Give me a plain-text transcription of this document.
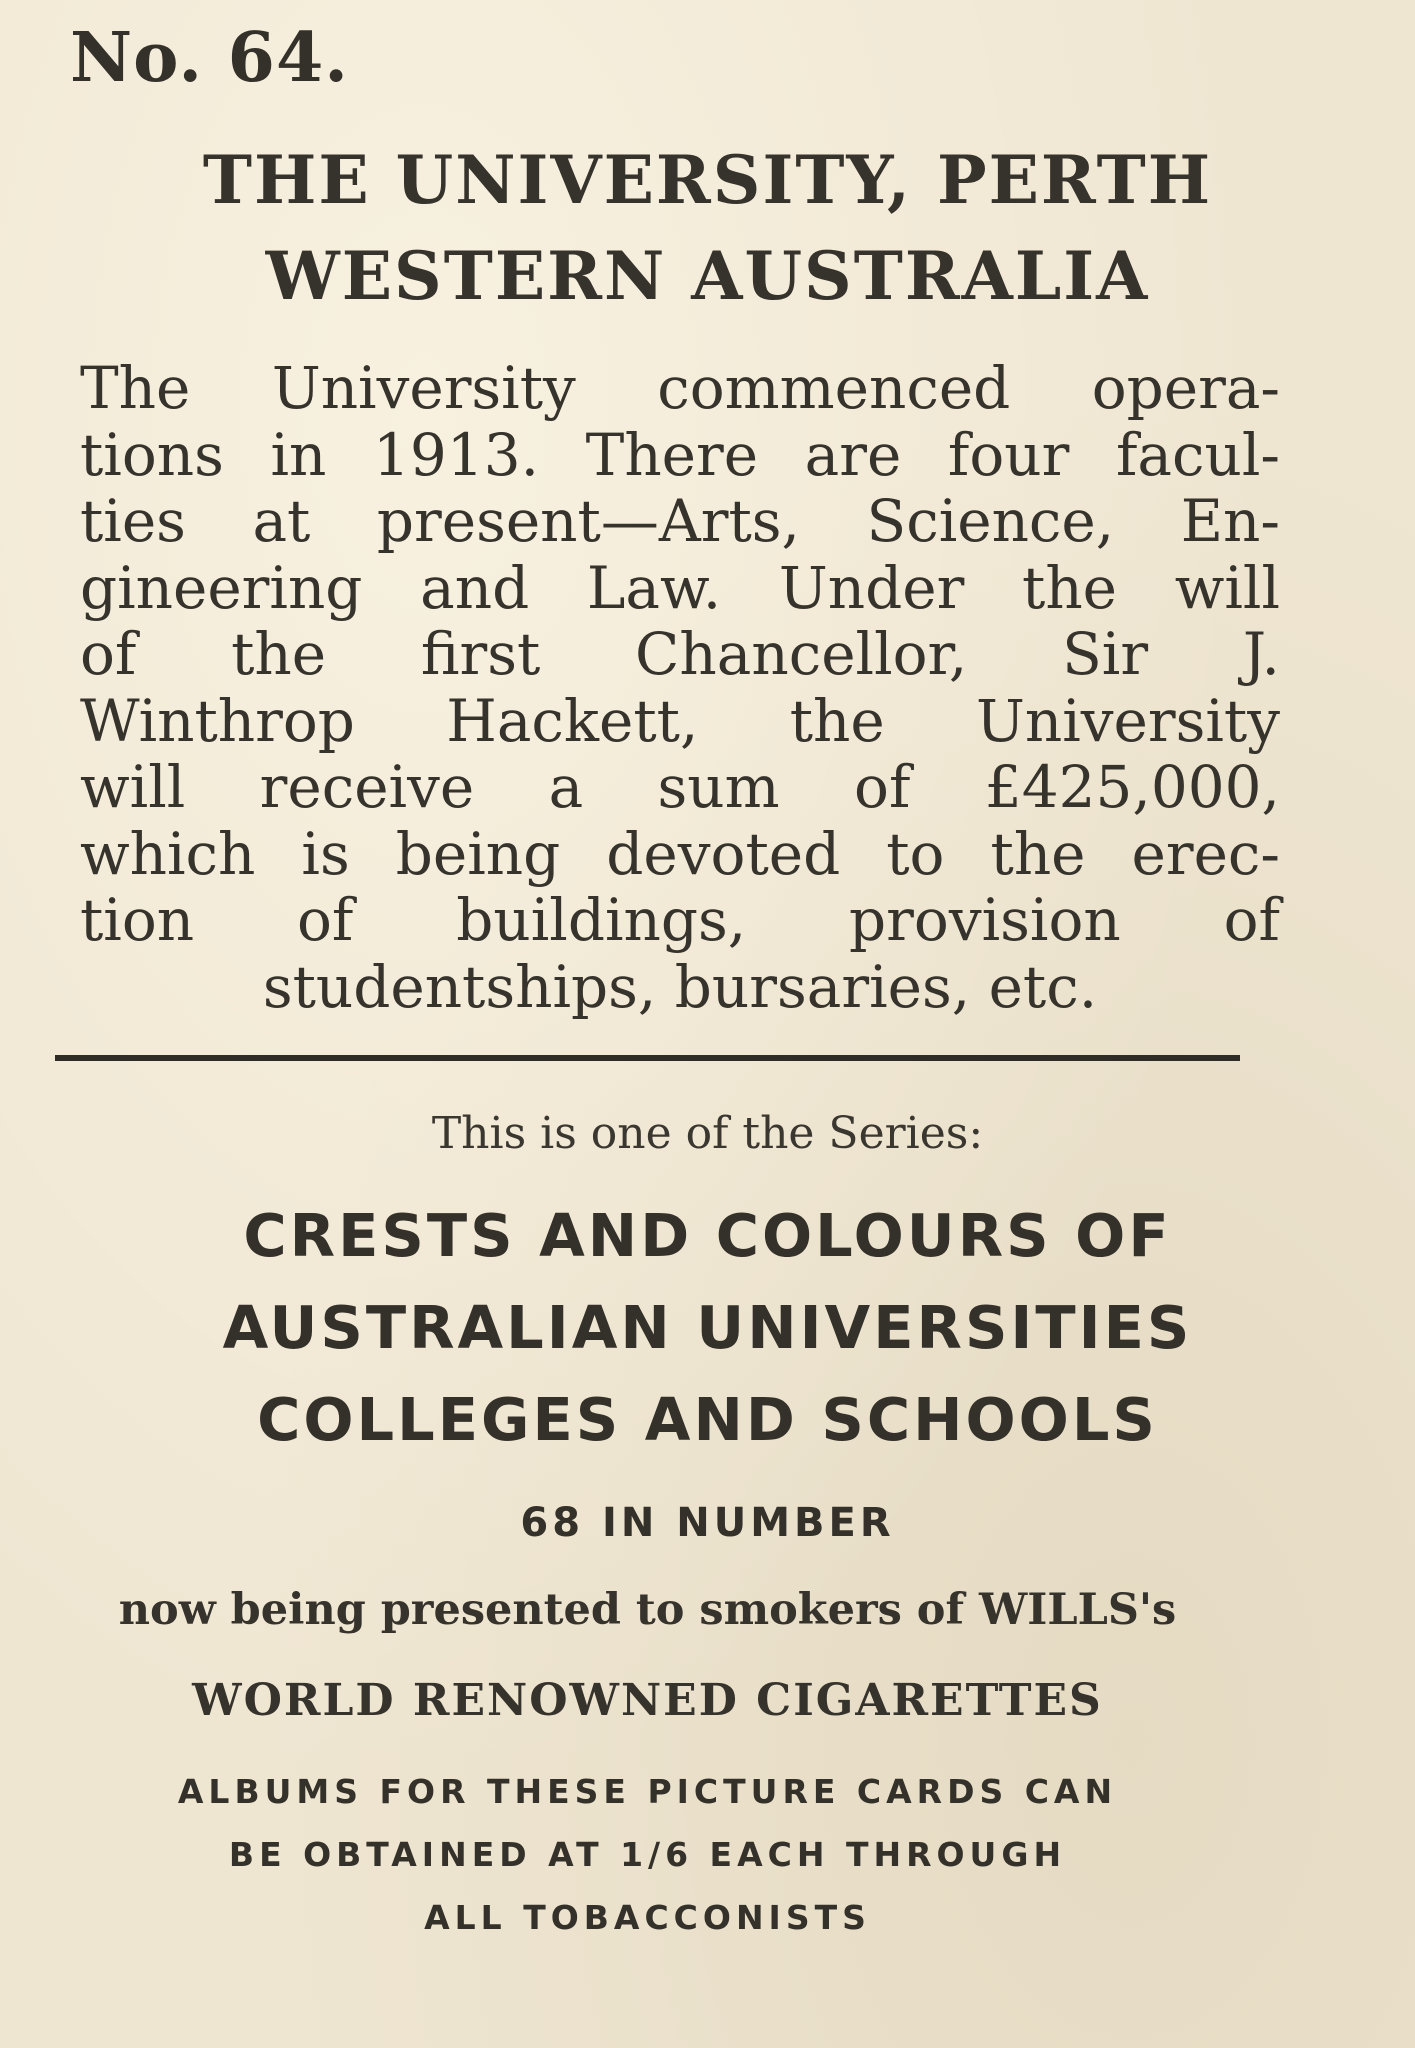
No. 64.
THE UNIVERSITY, PERTH
WESTERN AUSTRALIA
The University commenced opera-
tions in 1913. There are four facul-
ties at present—Arts, Science, En-
gineering and Law. Under the will
of the first Chancellor, Sir J.
Winthrop Hackett, the University
will receive a sum of £425,000,
which is being devoted to the erec-
tion of buildings, provision of
studentships, bursaries, etc.
This is one of the Series:
CRESTS AND COLOURS OF
AUSTRALIAN UNIVERSITIES
COLLEGES AND SCHOOLS
68 IN NUMBER
now being presented to smokers of WILLS's
WORLD RENOWNED CIGARETTES
ALBUMS FOR THESE PICTURE CARDS CAN
BE OBTAINED AT 1/6 EACH THROUGH
ALL TOBACCONISTS
